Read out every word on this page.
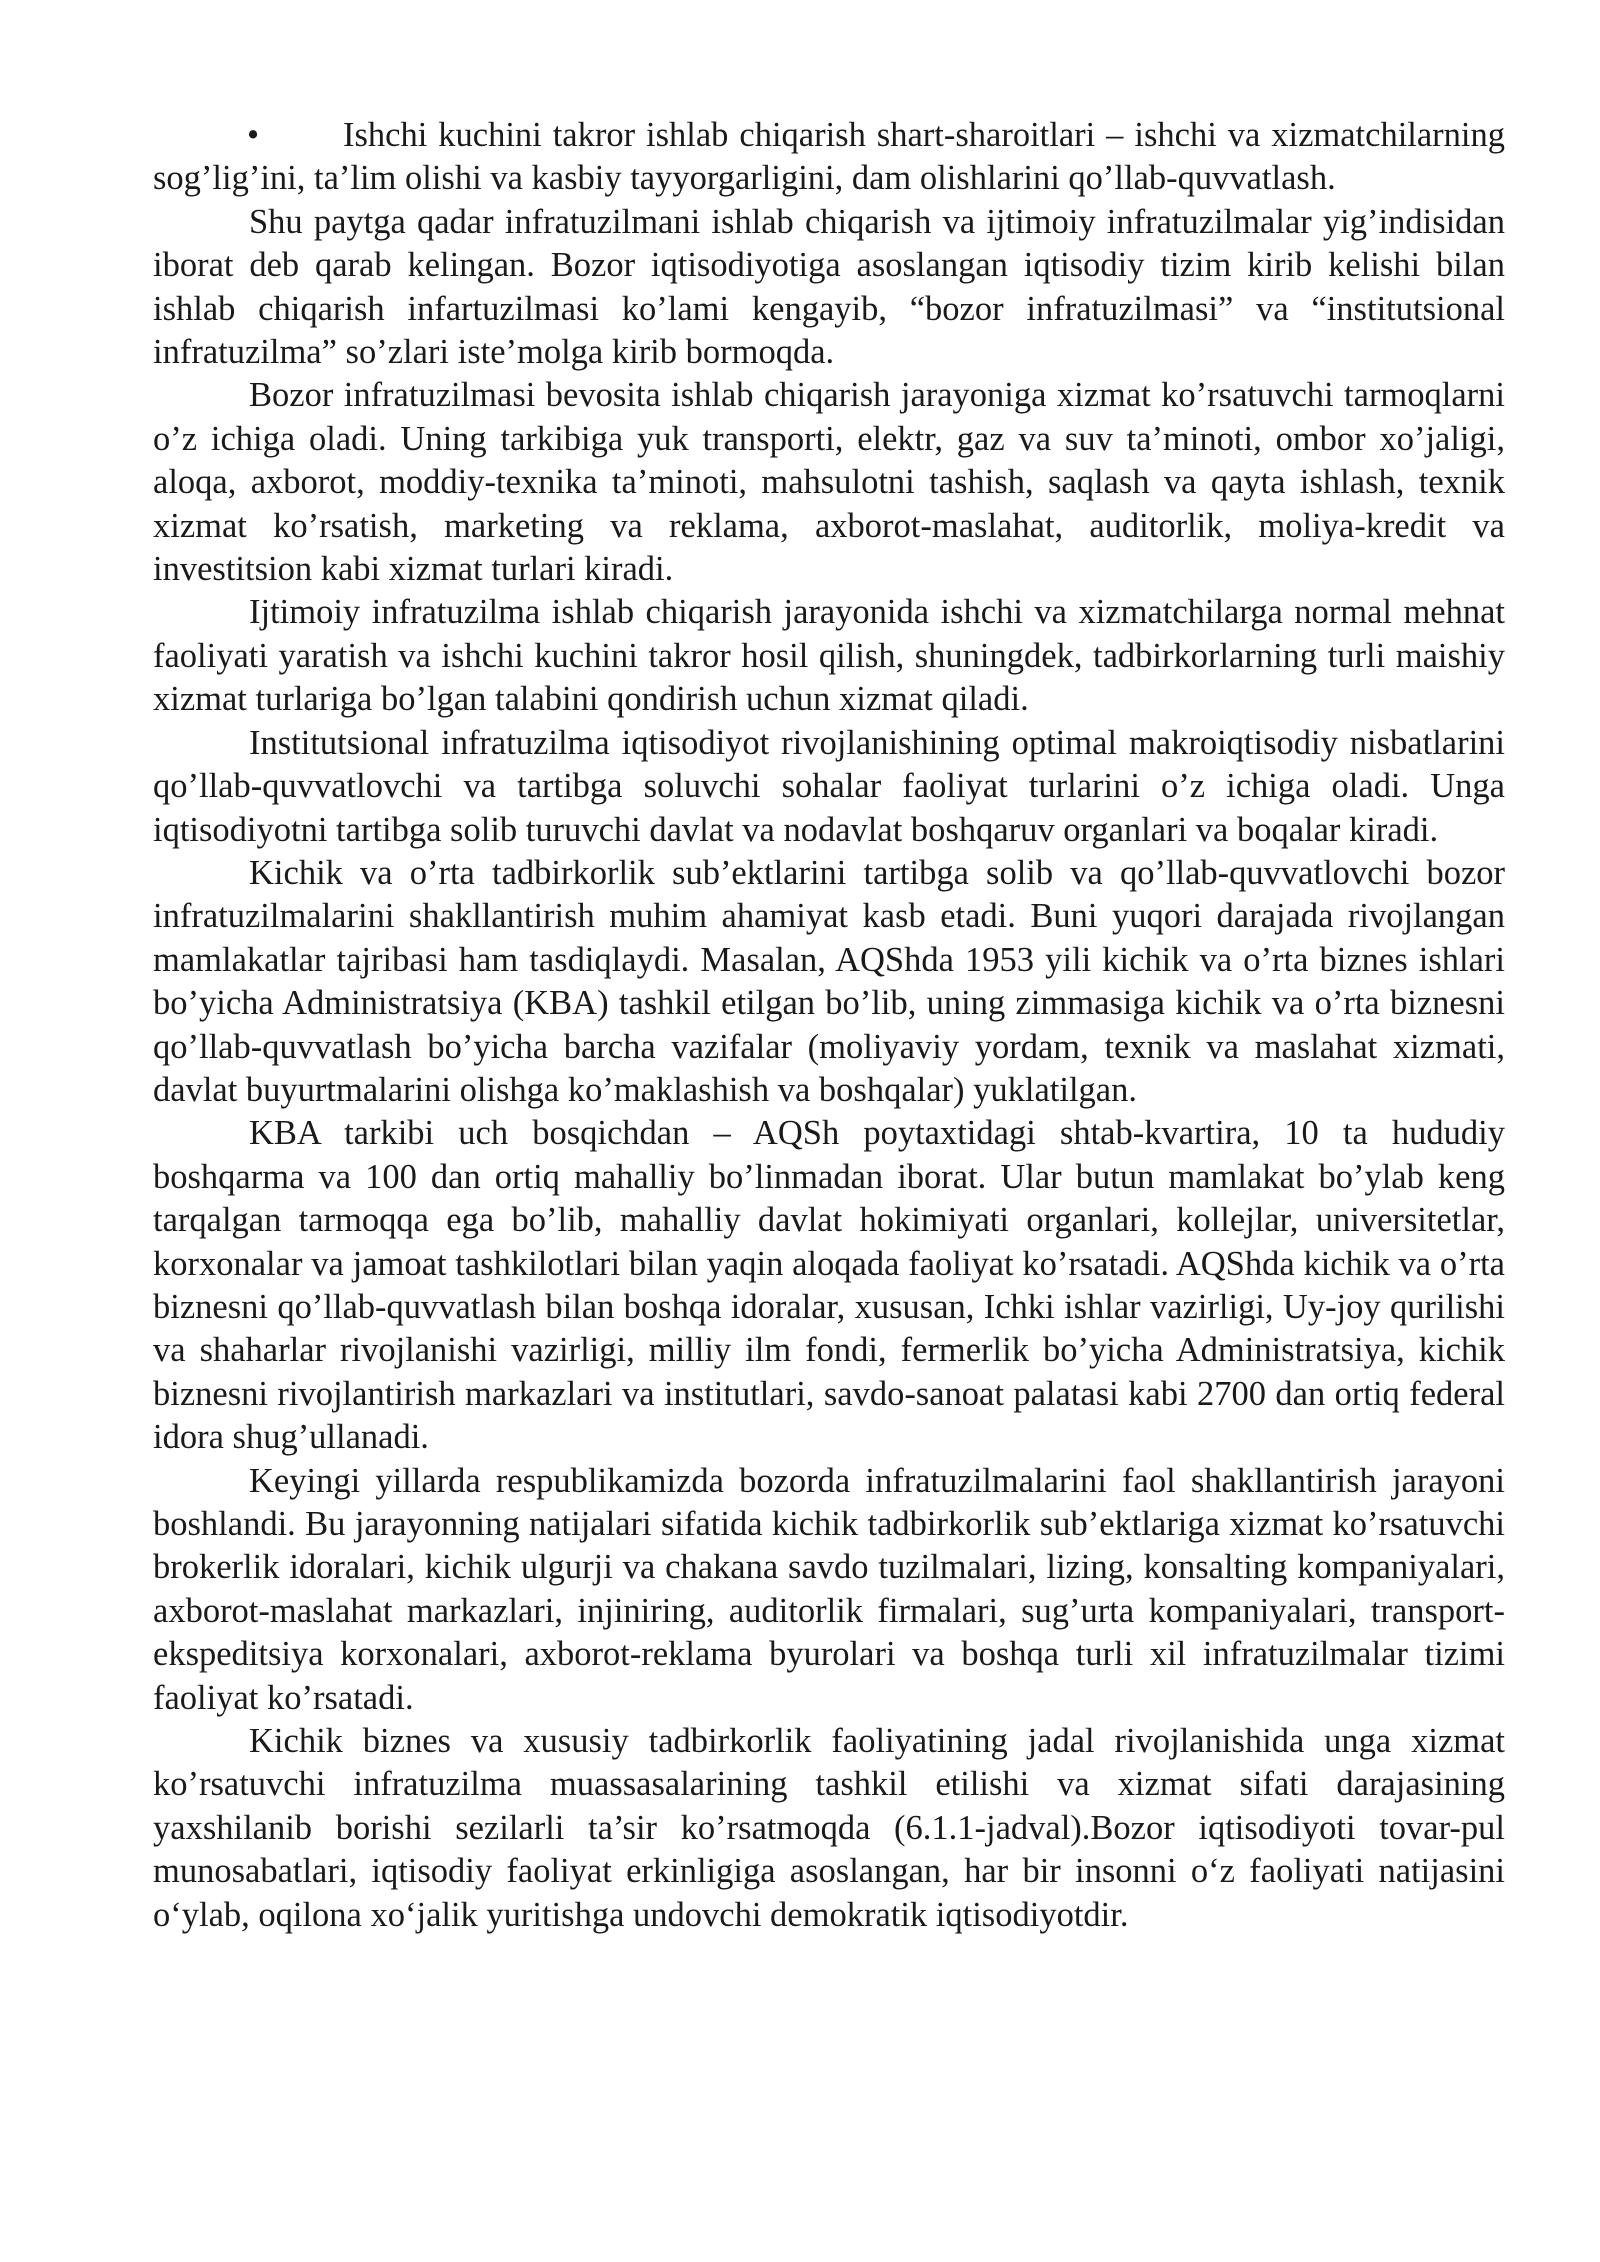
• Ishchi kuchini takror ishlab chiqarish shart-sharoitlari – ishchi va xizmatchilarning sog’lig’ini, ta’lim olishi va kasbiy tayyorgarligini, dam olishlarini qo’llab-quvvatlash.

Shu paytga qadar infratuzilmani ishlab chiqarish va ijtimoiy infratuzilmalar yig’indisidan iborat deb qarab kelingan. Bozor iqtisodiyotiga asoslangan iqtisodiy tizim kirib kelishi bilan ishlab chiqarish infartuzilmasi ko’lami kengayib, “bozor infratuzilmasi” va “institutsional infratuzilma” so’zlari iste’molga kirib bormoqda.

Bozor infratuzilmasi bevosita ishlab chiqarish jarayoniga xizmat ko’rsatuvchi tarmoqlarni o’z ichiga oladi. Uning tarkibiga yuk transporti, elektr, gaz va suv ta’minoti, ombor xo’jaligi, aloqa, axborot, moddiy-texnika ta’minoti, mahsulotni tashish, saqlash va qayta ishlash, texnik xizmat ko’rsatish, marketing va reklama, axborot-maslahat, auditorlik, moliya-kredit va investitsion kabi xizmat turlari kiradi.

Ijtimoiy infratuzilma ishlab chiqarish jarayonida ishchi va xizmatchilarga normal mehnat faoliyati yaratish va ishchi kuchini takror hosil qilish, shuningdek, tadbirkorlarning turli maishiy xizmat turlariga bo’lgan talabini qondirish uchun xizmat qiladi.

Institutsional infratuzilma iqtisodiyot rivojlanishining optimal makroiqtisodiy nisbatlarini qo’llab-quvvatlovchi va tartibga soluvchi sohalar faoliyat turlarini o’z ichiga oladi. Unga iqtisodiyotni tartibga solib turuvchi davlat va nodavlat boshqaruv organlari va boqalar kiradi.

Kichik va o’rta tadbirkorlik sub’ektlarini tartibga solib va qo’llab-quvvatlovchi bozor infratuzilmalarini shakllantirish muhim ahamiyat kasb etadi. Buni yuqori darajada rivojlangan mamlakatlar tajribasi ham tasdiqlaydi. Masalan, AQShda 1953 yili kichik va o’rta biznes ishlari bo’yicha Administratsiya (KBA) tashkil etilgan bo’lib, uning zimmasiga kichik va o’rta biznesni qo’llab-quvvatlash bo’yicha barcha vazifalar (moliyaviy yordam, texnik va maslahat xizmati, davlat buyurtmalarini olishga ko’maklashish va boshqalar) yuklatilgan.

KBA tarkibi uch bosqichdan – AQSh poytaxtidagi shtab-kvartira, 10 ta hududiy boshqarma va 100 dan ortiq mahalliy bo’linmadan iborat. Ular butun mamlakat bo’ylab keng tarqalgan tarmoqqa ega bo’lib, mahalliy davlat hokimiyati organlari, kollejlar, universitetlar, korxonalar va jamoat tashkilotlari bilan yaqin aloqada faoliyat ko’rsatadi. AQShda kichik va o’rta biznesni qo’llab-quvvatlash bilan boshqa idoralar, xususan, Ichki ishlar vazirligi, Uy-joy qurilishi va shaharlar rivojlanishi vazirligi, milliy ilm fondi, fermerlik bo’yicha Administratsiya, kichik biznesni rivojlantirish markazlari va institutlari, savdo-sanoat palatasi kabi 2700 dan ortiq federal idora shug’ullanadi.

Keyingi yillarda respublikamizda bozorda infratuzilmalarini faol shakllantirish jarayoni boshlandi. Bu jarayonning natijalari sifatida kichik tadbirkorlik sub’ektlariga xizmat ko’rsatuvchi brokerlik idoralari, kichik ulgurji va chakana savdo tuzilmalari, lizing, konsalting kompaniyalari, axborot-maslahat markazlari, injiniring, auditorlik firmalari, sug’urta kompaniyalari, transport-ekspeditsiya korxonalari, axborot-reklama byurolari va boshqa turli xil infratuzilmalar tizimi faoliyat ko’rsatadi.

Kichik biznes va xususiy tadbirkorlik faoliyatining jadal rivojlanishida unga xizmat ko’rsatuvchi infratuzilma muassasalarining tashkil etilishi va xizmat sifati darajasining yaxshilanib borishi sezilarli ta’sir ko’rsatmoqda (6.1.1-jadval).Bozor iqtisodiyoti tovar-pul munosabatlari, iqtisodiy faoliyat erkinligiga asoslangan, har bir insonni o‘z faoliyati natijasini o‘ylab, oqilona xo‘jalik yuritishga undovchi demokratik iqtisodiyotdir.
